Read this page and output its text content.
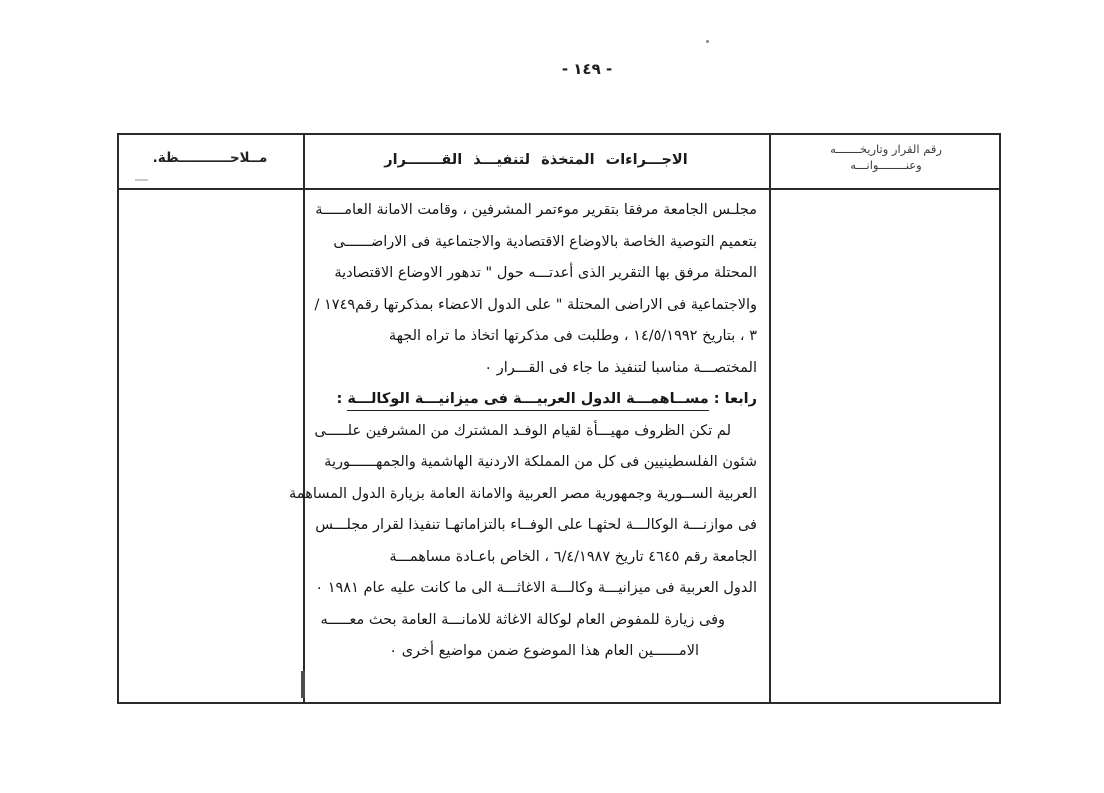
- ١٤٩ -
رقم القرار وتاريخـــــــه
وعنــــــــوانـــه
الاجـــراءات المتخذة لتنفيـــذ القـــــــرار
مــلاحـــــــــــظة.
مجلـس الجامعة مرفقا بتقرير موءتمر المشرفين ، وقامت الامانة العامـــــة
بتعميم التوصية الخاصة بالاوضاع الاقتصادية والاجتماعية فى الاراضــــــى
المحتلة مرفق بها التقرير الذى أعدتـــه حول " تدهور الاوضاع الاقتصادية
والاجتماعية فى الاراضى المحتلة " على الدول الاعضاء بمذكرتها رقم١٧٤٩ /
٣ ، بتاريخ ١٤/٥/١٩٩٢ ، وطلبت فى مذكرتها اتخاذ ما تراه الجهة
المختصـــة مناسبا لتنفيذ ما جاء فى القـــرار ٠
رابعا : مســاهمـــة الدول العربيـــة فى ميزانيـــة الوكالـــة :
لم تكن الظروف مهيـــأة لقيام الوفـد المشترك من المشرفين علـــــى
شئون الفلسطينيين فى كل من المملكة الاردنية الهاشمية والجمهــــــورية
العربية الســورية وجمهورية مصر العربية والامانة العامة بزيارة الدول المساهمة
فى موازنـــة الوكالـــة لحثهـا على الوفــاء بالتزاماتهـا تنفيذا لقرار مجلـــس
الجامعة رقم ٤٦٤٥ تاريخ ٦/٤/١٩٨٧ ، الخاص باعـادة مساهمـــة
الدول العربية فى ميزانيـــة وكالـــة الاغاثـــة الى ما كانت عليه عام ١٩٨١ ٠
وفى زيارة للمفوض العام لوكالة الاغاثة للامانـــة العامة بحث معـــــه
الامــــــين العام هذا الموضوع ضمن مواضيع أخرى ٠
